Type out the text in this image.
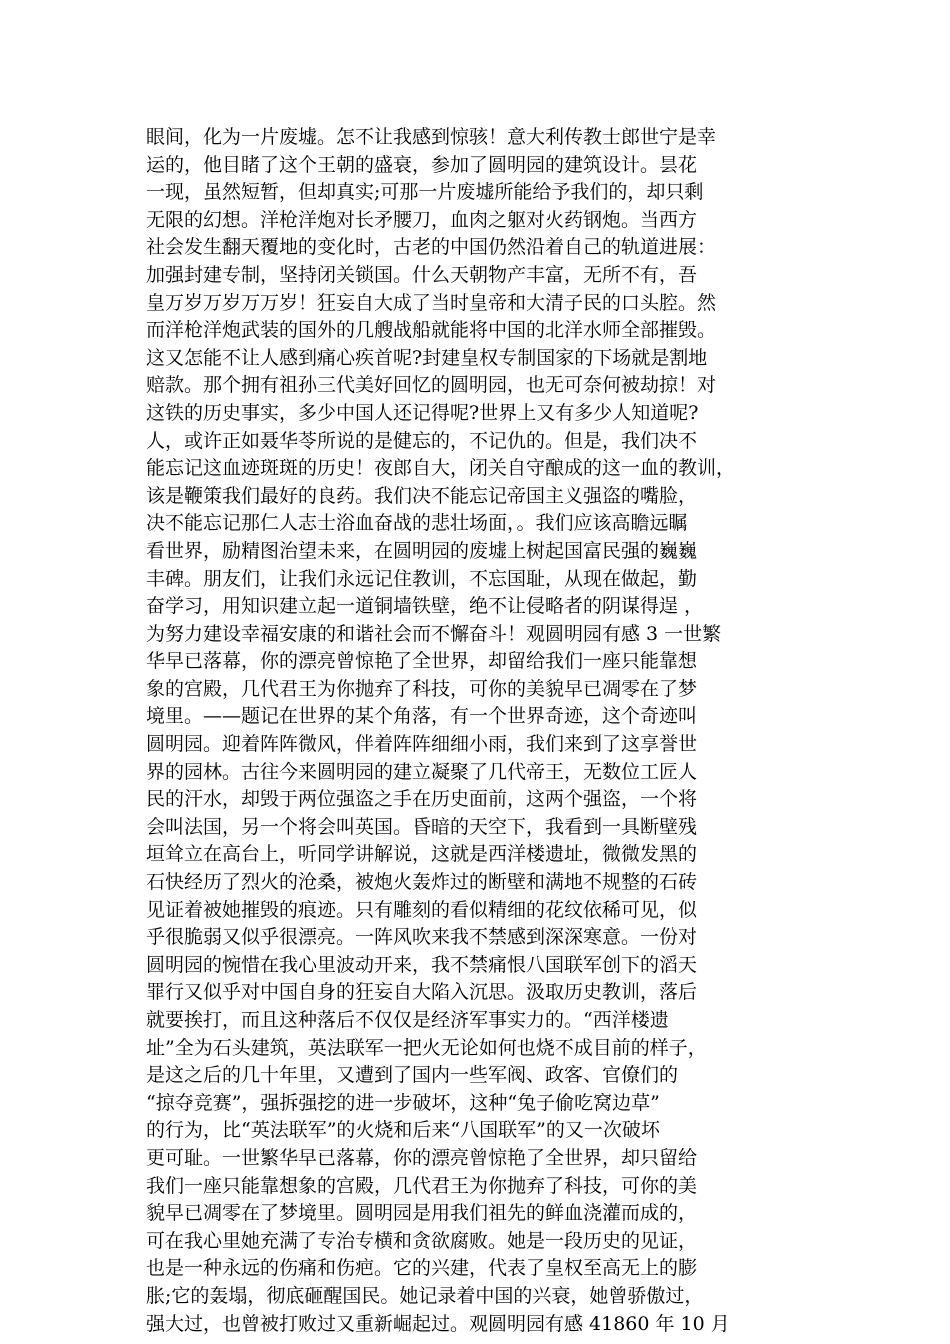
眼间，化为一片废墟。怎不让我感到惊骇！意大利传教士郎世宁是幸
运的，他目睹了这个王朝的盛衰，参加了圆明园的建筑设计。昙花
一现，虽然短暂，但却真实;可那一片废墟所能给予我们的，却只剩
无限的幻想。洋枪洋炮对长矛腰刀，血肉之躯对火药钢炮。当西方
社会发生翻天覆地的变化时，古老的中国仍然沿着自己的轨道进展：
加强封建专制，坚持闭关锁国。什么天朝物产丰富，无所不有，吾
皇万岁万岁万万岁！狂妄自大成了当时皇帝和大清子民的口头腔。然
而洋枪洋炮武装的国外的几艘战船就能将中国的北洋水师全部摧毁。
这又怎能不让人感到痛心疾首呢?封建皇权专制国家的下场就是割地
赔款。那个拥有祖孙三代美好回忆的圆明园，也无可奈何被劫掠！对
这铁的历史事实，多少中国人还记得呢?世界上又有多少人知道呢?
人，或许正如聂华苓所说的是健忘的，不记仇的。但是，我们决不
能忘记这血迹斑斑的历史！夜郎自大，闭关自守酿成的这一血的教训，
该是鞭策我们最好的良药。我们决不能忘记帝国主义强盗的嘴脸，
决不能忘记那仁人志士浴血奋战的悲壮场面，。我们应该高瞻远瞩
看世界，励精图治望未来，在圆明园的废墟上树起国富民强的巍巍
丰碑。朋友们，让我们永远记住教训，不忘国耻，从现在做起，勤
奋学习，用知识建立起一道铜墙铁壁，绝不让侵略者的阴谋得逞 ，
为努力建设幸福安康的和谐社会而不懈奋斗！观圆明园有感 3 一世繁
华早已落幕，你的漂亮曾惊艳了全世界，却留给我们一座只能靠想
象的宫殿，几代君王为你抛弃了科技，可你的美貌早已凋零在了梦
境里。——题记在世界的某个角落，有一个世界奇迹，这个奇迹叫
圆明园。迎着阵阵微风，伴着阵阵细细小雨，我们来到了这享誉世
界的园林。古往今来圆明园的建立凝聚了几代帝王，无数位工匠人
民的汗水，却毁于两位强盗之手在历史面前，这两个强盗，一个将
会叫法国，另一个将会叫英国。昏暗的天空下，我看到一具断壁残
垣耸立在高台上，听同学讲解说，这就是西洋楼遗址，微微发黑的
石快经历了烈火的沧桑，被炮火轰炸过的断壁和满地不规整的石砖
见证着被她摧毁的痕迹。只有雕刻的看似精细的花纹依稀可见，似
乎很脆弱又似乎很漂亮。一阵风吹来我不禁感到深深寒意。一份对
圆明园的惋惜在我心里波动开来，我不禁痛恨八国联军创下的滔天
罪行又似乎对中国自身的狂妄自大陷入沉思。汲取历史教训，落后
就要挨打，而且这种落后不仅仅是经济军事实力的。“西洋楼遗
址”全为石头建筑，英法联军一把火无论如何也烧不成目前的样子，
是这之后的几十年里，又遭到了国内一些军阀、政客、官僚们的
“掠夺竞赛”，强拆强挖的进一步破坏，这种“兔子偷吃窝边草”
的行为，比“英法联军”的火烧和后来“八国联军”的又一次破坏
更可耻。一世繁华早已落幕，你的漂亮曾惊艳了全世界，却只留给
我们一座只能靠想象的宫殿，几代君王为你抛弃了科技，可你的美
貌早已凋零在了梦境里。圆明园是用我们祖先的鲜血浇灌而成的，
可在我心里她充满了专治专横和贪欲腐败。她是一段历史的见证，
也是一种永远的伤痛和伤疤。它的兴建，代表了皇权至高无上的膨
胀;它的轰塌，彻底砸醒国民。她记录着中国的兴衰，她曾骄傲过，
强大过，也曾被打败过又重新崛起过。观圆明园有感 41860 年 10 月
